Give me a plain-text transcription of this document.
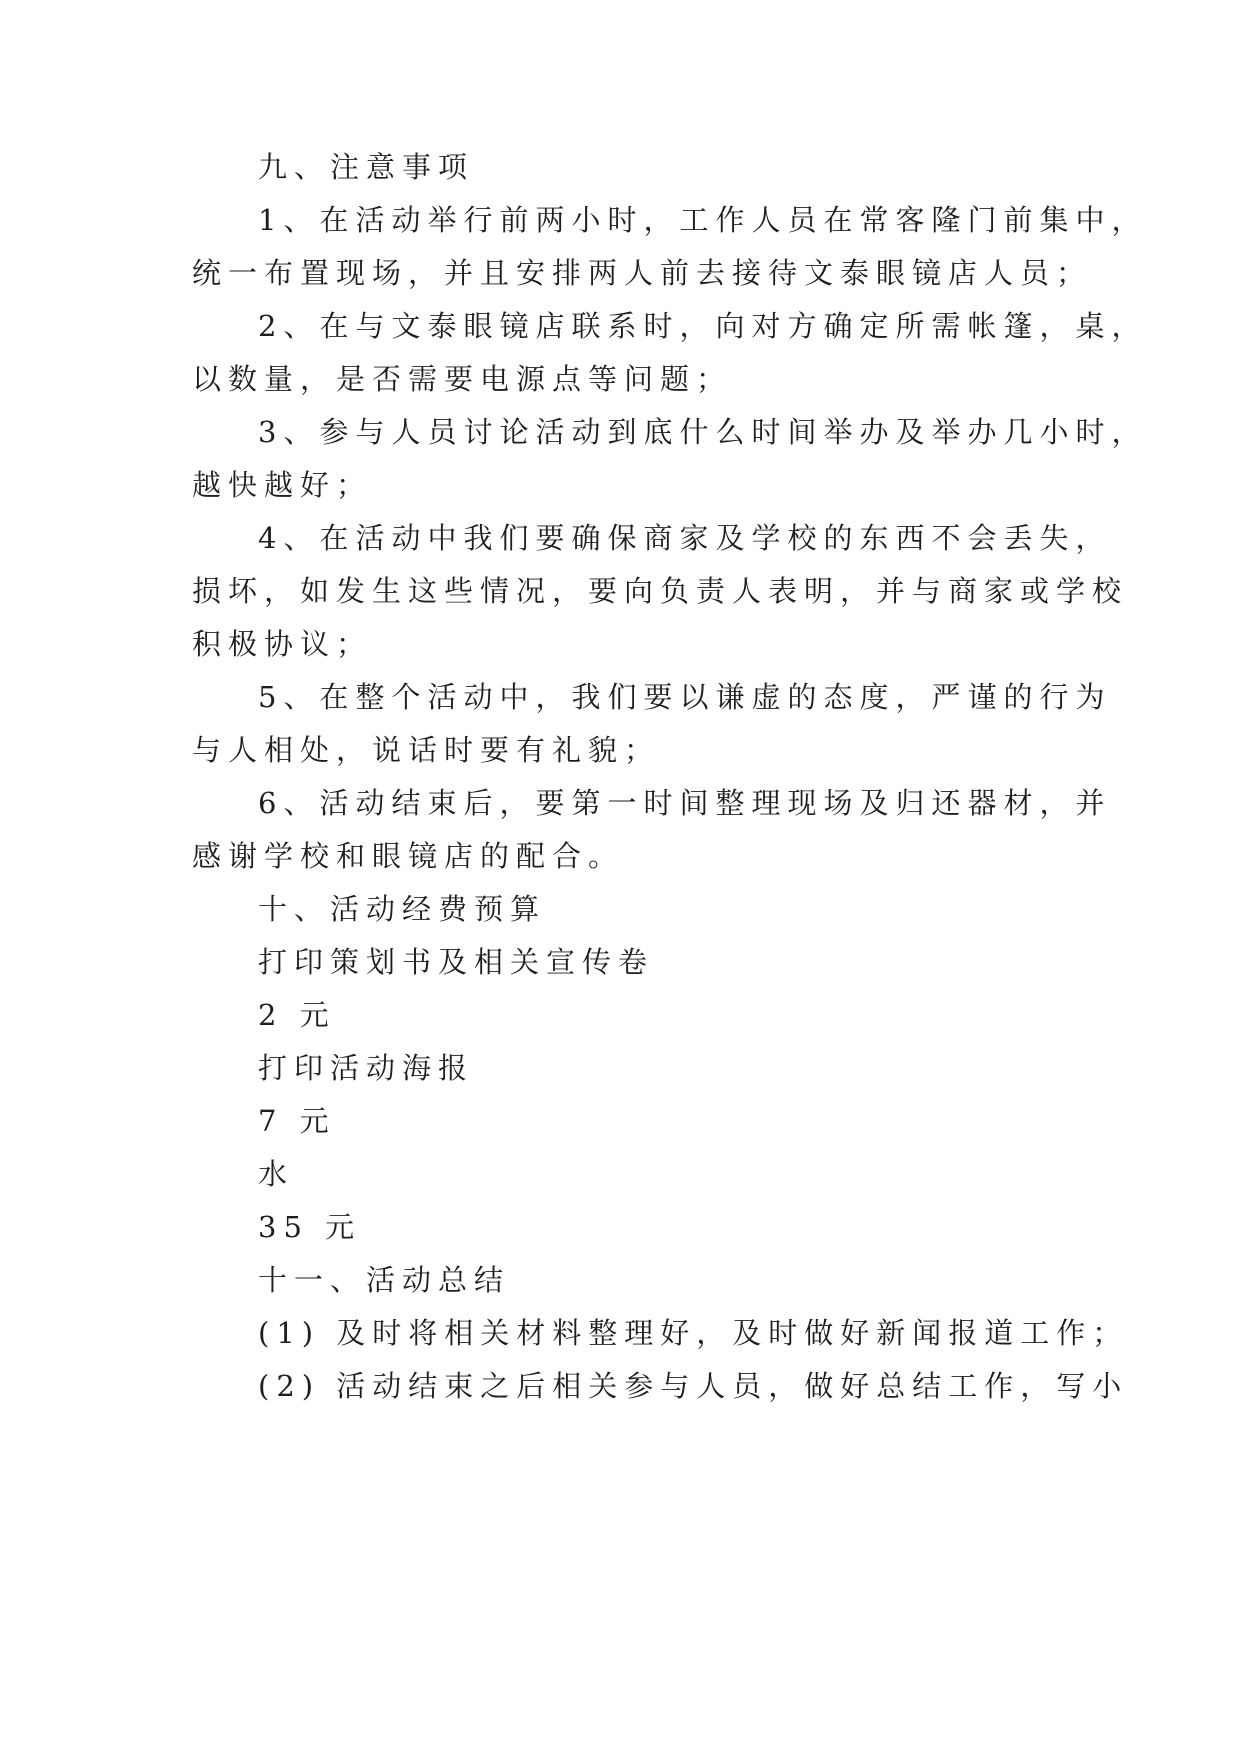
九、注意事项
1、在活动举行前两小时，工作人员在常客隆门前集中，
统一布置现场，并且安排两人前去接待文泰眼镜店人员；
2、在与文泰眼镜店联系时，向对方确定所需帐篷，桌，
以数量，是否需要电源点等问题；
3、参与人员讨论活动到底什么时间举办及举办几小时，
越快越好；
4、在活动中我们要确保商家及学校的东西不会丢失，
损坏，如发生这些情况，要向负责人表明，并与商家或学校
积极协议；
5、在整个活动中，我们要以谦虚的态度，严谨的行为
与人相处，说话时要有礼貌；
6、活动结束后，要第一时间整理现场及归还器材，并
感谢学校和眼镜店的配合。
十、活动经费预算
打印策划书及相关宣传卷
2 元
打印活动海报
7 元
水
35 元
十一、活动总结
(1) 及时将相关材料整理好，及时做好新闻报道工作；
(2) 活动结束之后相关参与人员，做好总结工作，写小
